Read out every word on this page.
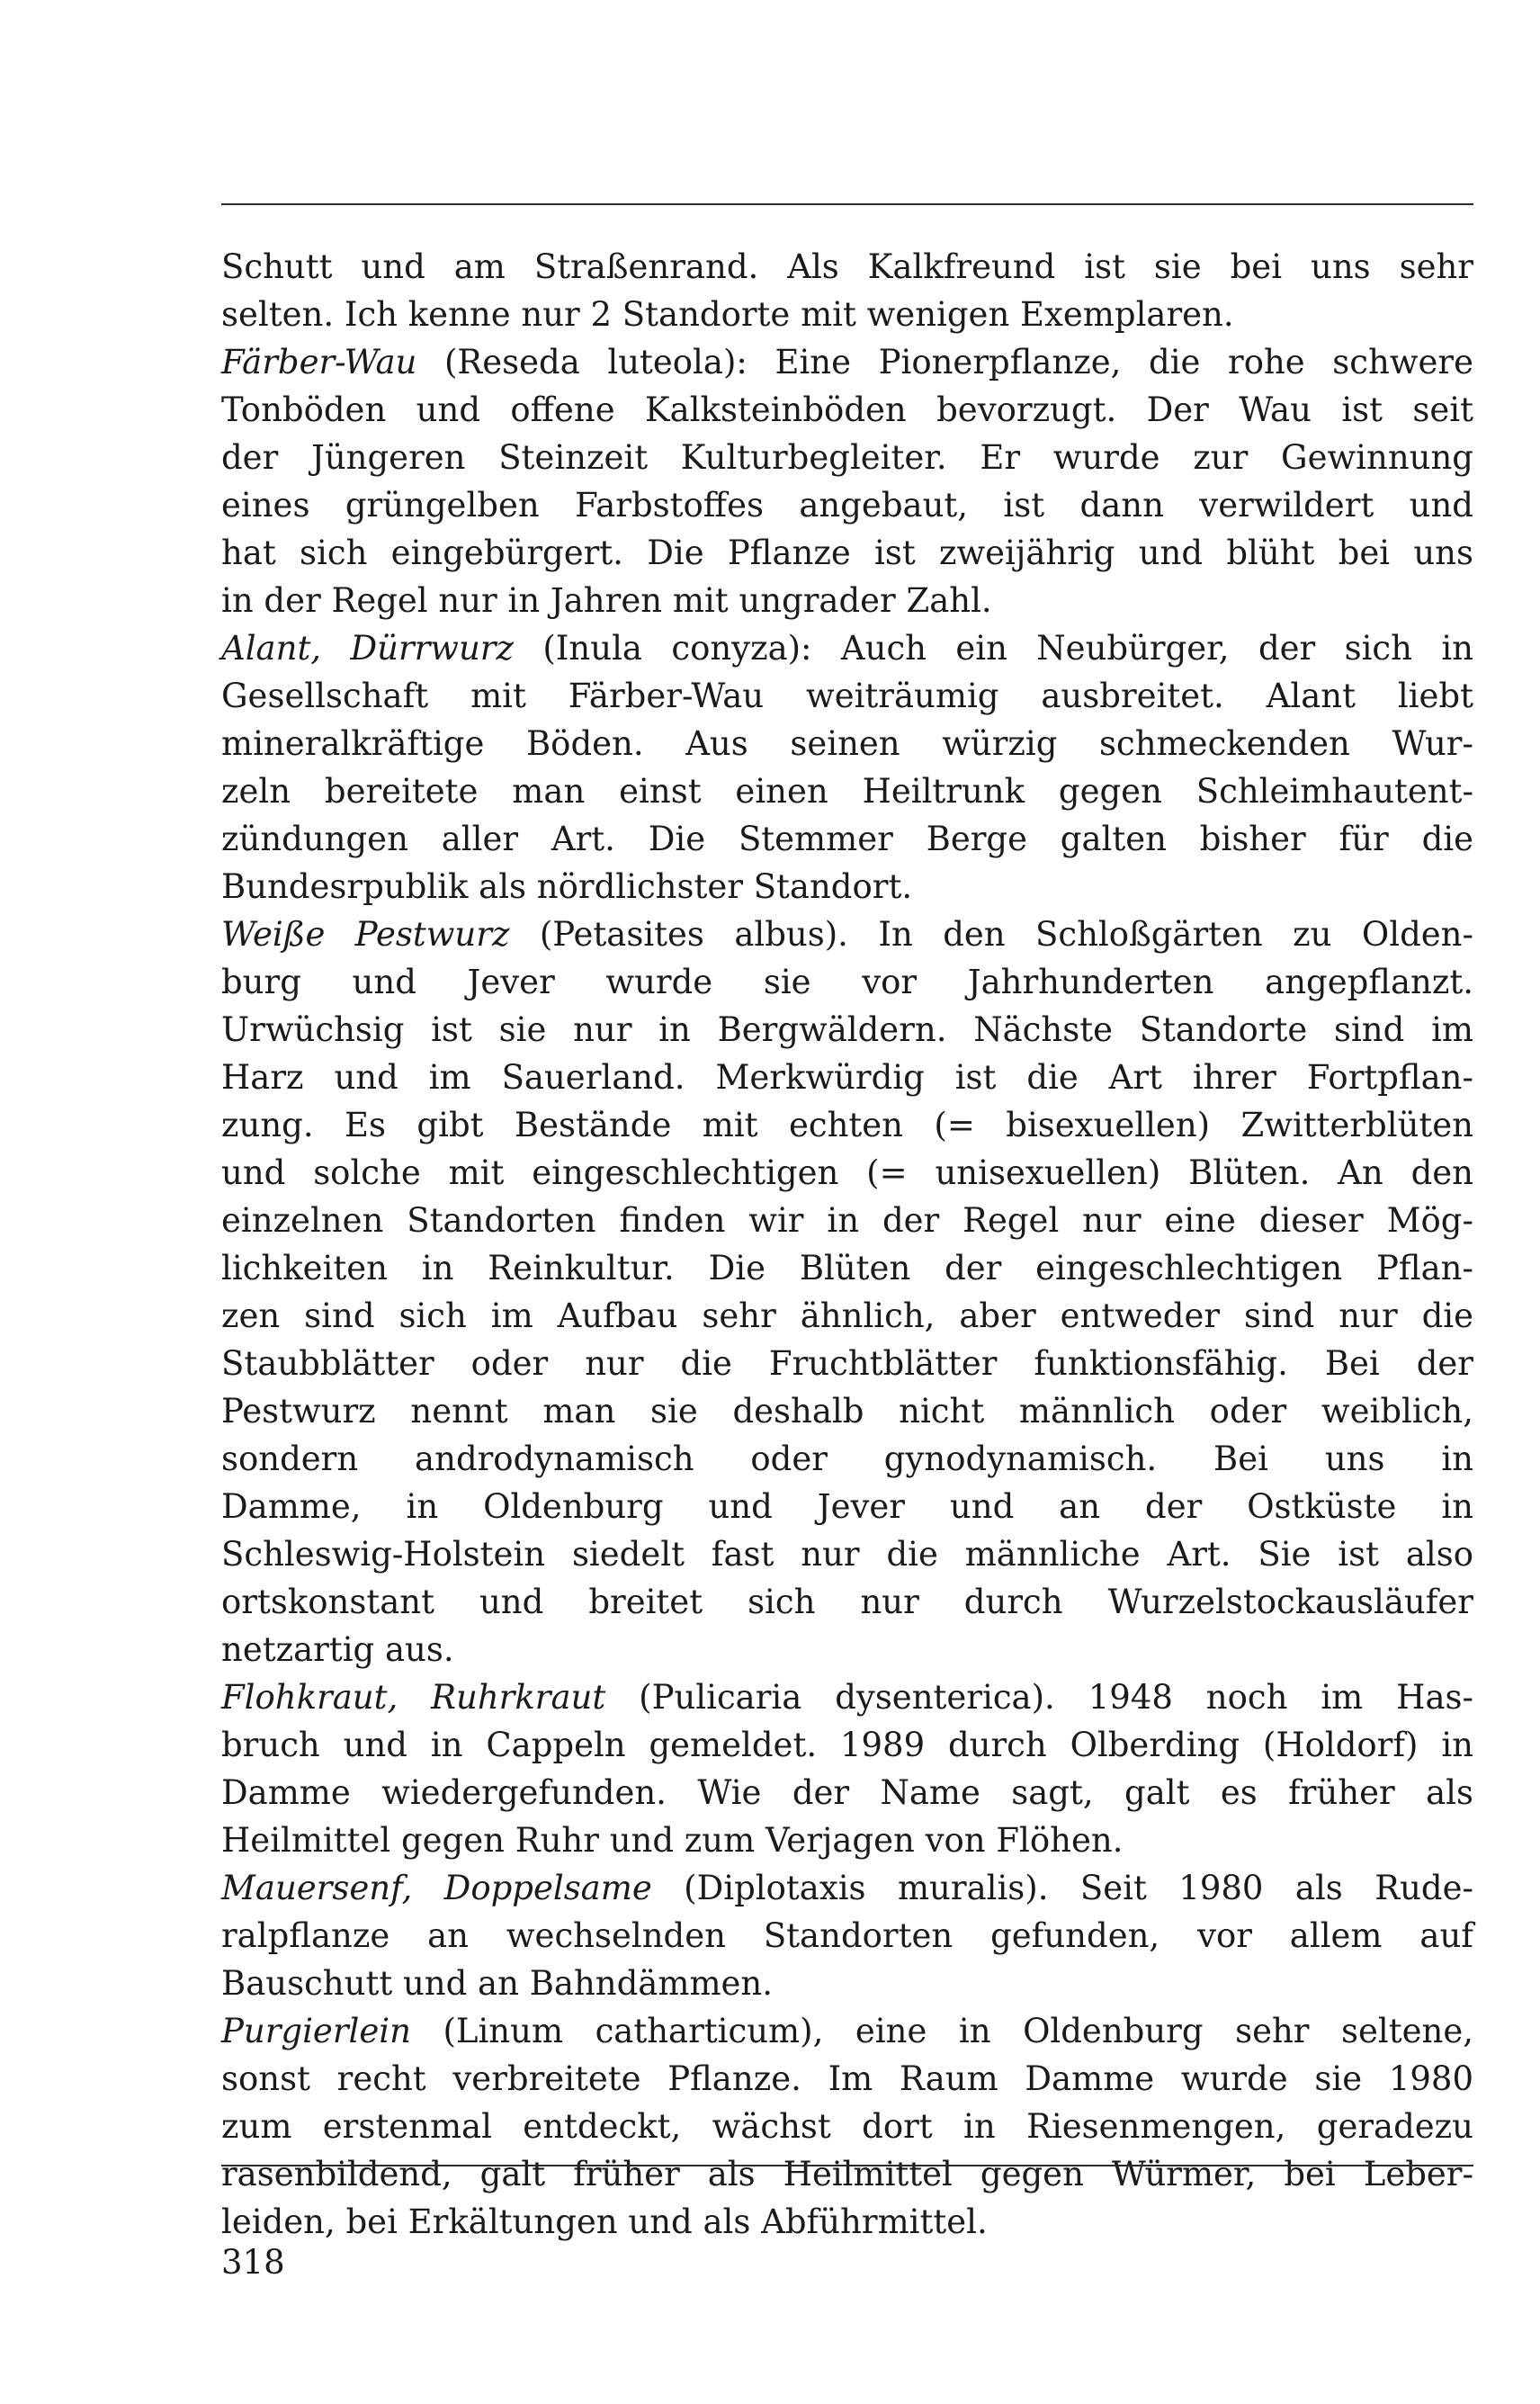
Schutt und am Straßenrand. Als Kalkfreund ist sie bei uns sehr
selten. Ich kenne nur 2 Standorte mit wenigen Exemplaren.
Färber-Wau (Reseda luteola): Eine Pionerpflanze, die rohe schwere
Tonböden und offene Kalksteinböden bevorzugt. Der Wau ist seit
der Jüngeren Steinzeit Kulturbegleiter. Er wurde zur Gewinnung
eines grüngelben Farbstoffes angebaut, ist dann verwildert und
hat sich eingebürgert. Die Pflanze ist zweijährig und blüht bei uns
in der Regel nur in Jahren mit ungrader Zahl.
Alant, Dürrwurz (Inula conyza): Auch ein Neubürger, der sich in
Gesellschaft mit Färber-Wau weiträumig ausbreitet. Alant liebt
mineralkräftige Böden. Aus seinen würzig schmeckenden Wur-
zeln bereitete man einst einen Heiltrunk gegen Schleimhautent-
zündungen aller Art. Die Stemmer Berge galten bisher für die
Bundesrpublik als nördlichster Standort.
Weiße Pestwurz (Petasites albus). In den Schloßgärten zu Olden-
burg und Jever wurde sie vor Jahrhunderten angepflanzt.
Urwüchsig ist sie nur in Bergwäldern. Nächste Standorte sind im
Harz und im Sauerland. Merkwürdig ist die Art ihrer Fortpflan-
zung. Es gibt Bestände mit echten (= bisexuellen) Zwitterblüten
und solche mit eingeschlechtigen (= unisexuellen) Blüten. An den
einzelnen Standorten finden wir in der Regel nur eine dieser Mög-
lichkeiten in Reinkultur. Die Blüten der eingeschlechtigen Pflan-
zen sind sich im Aufbau sehr ähnlich, aber entweder sind nur die
Staubblätter oder nur die Fruchtblätter funktionsfähig. Bei der
Pestwurz nennt man sie deshalb nicht männlich oder weiblich,
sondern androdynamisch oder gynodynamisch. Bei uns in
Damme, in Oldenburg und Jever und an der Ostküste in
Schleswig-Holstein siedelt fast nur die männliche Art. Sie ist also
ortskonstant und breitet sich nur durch Wurzelstockausläufer
netzartig aus.
Flohkraut, Ruhrkraut (Pulicaria dysenterica). 1948 noch im Has-
bruch und in Cappeln gemeldet. 1989 durch Olberding (Holdorf) in
Damme wiedergefunden. Wie der Name sagt, galt es früher als
Heilmittel gegen Ruhr und zum Verjagen von Flöhen.
Mauersenf, Doppelsame (Diplotaxis muralis). Seit 1980 als Rude-
ralpflanze an wechselnden Standorten gefunden, vor allem auf
Bauschutt und an Bahndämmen.
Purgierlein (Linum catharticum), eine in Oldenburg sehr seltene,
sonst recht verbreitete Pflanze. Im Raum Damme wurde sie 1980
zum erstenmal entdeckt, wächst dort in Riesenmengen, geradezu
rasenbildend, galt früher als Heilmittel gegen Würmer, bei Leber-
leiden, bei Erkältungen und als Abführmittel.
318
